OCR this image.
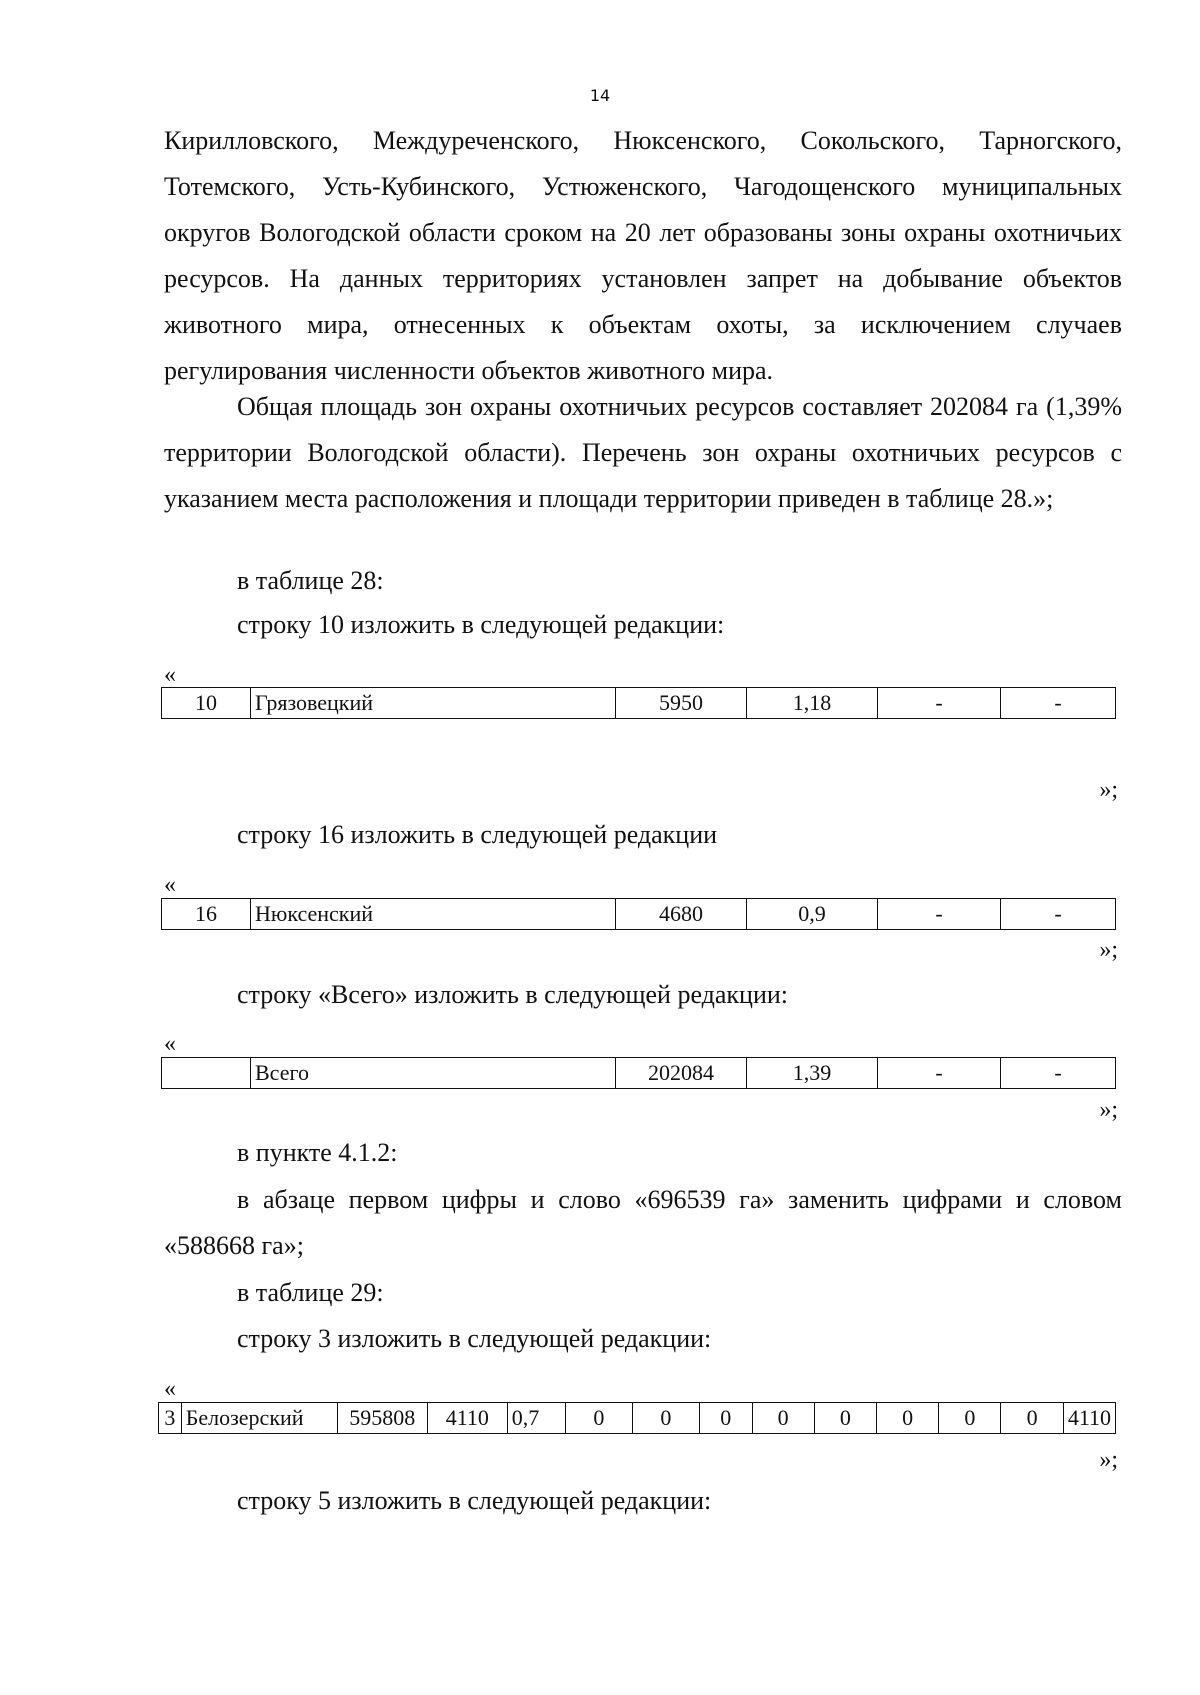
14

Кирилловского, Междуреченского, Нюксенского, Сокольского, Тарногского, Тотемского, Усть-Кубинского, Устюженского, Чагодощенского муниципальных округов Вологодской области сроком на 20 лет образованы зоны охраны охотничьих ресурсов. На данных территориях установлен запрет на добывание объектов животного мира, отнесенных к объектам охоты, за исключением случаев регулирования численности объектов животного мира.

Общая площадь зон охраны охотничьих ресурсов составляет 202084 га (1,39% территории Вологодской области). Перечень зон охраны охотничьих ресурсов с указанием места расположения и площади территории приведен в таблице 28.»;

в таблице 28:

строку 10 изложить в следующей редакции:

«
10	Грязовецкий	5950	1,18	-	-
»;

строку 16 изложить в следующей редакции

«
16	Нюксенский	4680	0,9	-	-
»;

строку «Всего» изложить в следующей редакции:

«
	Всего	202084	1,39	-	-
»;

в пункте 4.1.2:

в абзаце первом цифры и слово «696539 га» заменить цифрами и словом «588668 га»;

в таблице 29:

строку 3 изложить в следующей редакции:

«
3	Белозерский	595808	4110	0,7	0	0	0	0	0	0	0	0	4110
»;

строку 5 изложить в следующей редакции:
